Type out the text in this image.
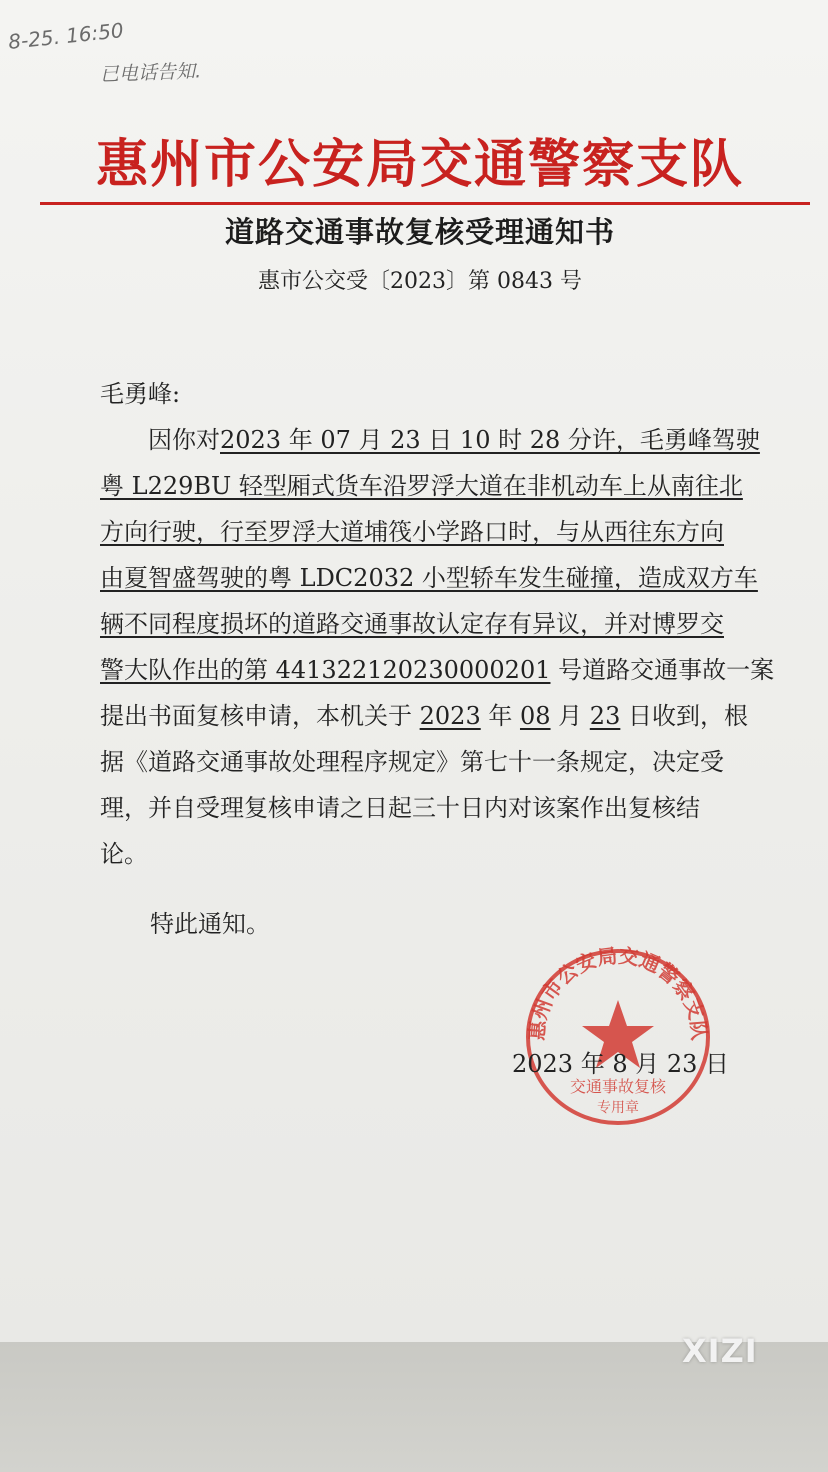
8-25. 16:50
已电话告知.
惠州市公安局交通警察支队
道路交通事故复核受理通知书
惠市公交受〔2023〕第 0843 号
毛勇峰:
因你对2023 年 07 月 23 日 10 时 28 分许，毛勇峰驾驶
粤 L229BU 轻型厢式货车沿罗浮大道在非机动车上从南往北
方向行驶，行至罗浮大道埔筏小学路口时，与从西往东方向
由夏智盛驾驶的粤 LDC2032 小型轿车发生碰撞，造成双方车
辆不同程度损坏的道路交通事故认定存有异议，并对博罗交
警大队作出的第 441322120230000201 号道路交通事故一案
提出书面复核申请，本机关于 2023 年 08 月 23 日收到，根
据《道路交通事故处理程序规定》第七十一条规定，决定受
理，并自受理复核申请之日起三十日内对该案作出复核结
论。
特此通知。
惠州市公安局交通警察支队
交通事故复核
专用章
2023 年 8 月 23 日
XIZI
